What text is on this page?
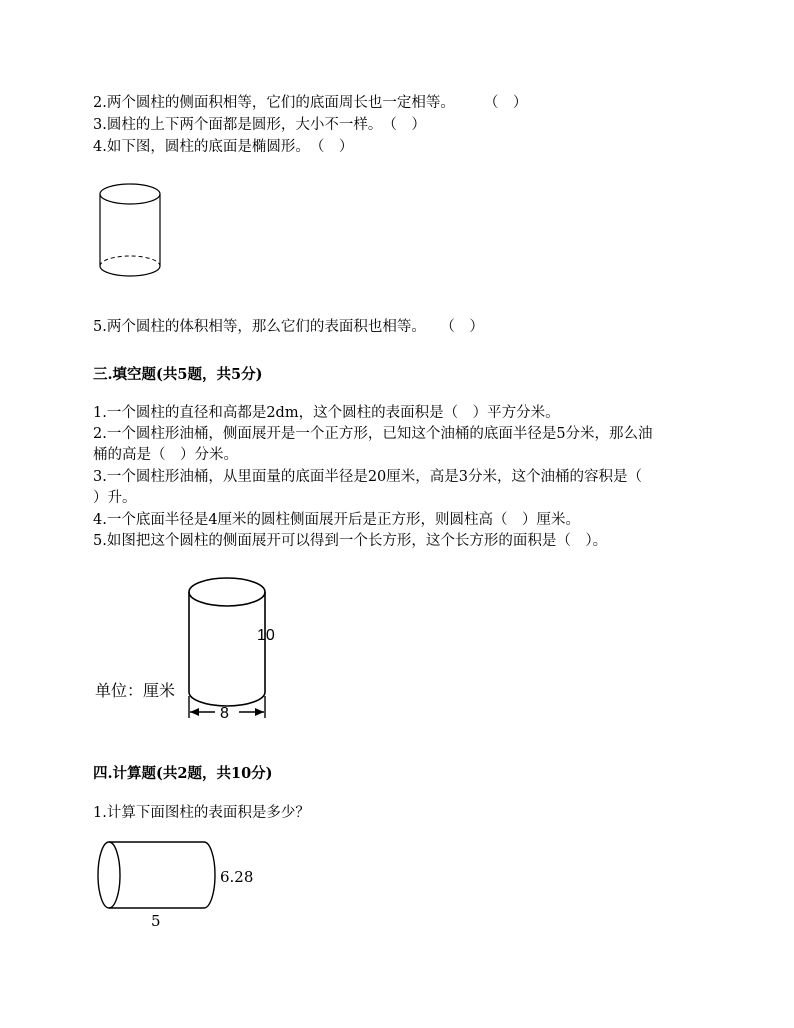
2.两个圆柱的侧面积相等，它们的底面周长也一定相等。　　　（　）
3.圆柱的上下两个面都是圆形，大小不一样。　（　）
4.如下图，圆柱的底面是椭圆形。　（　）
5.两个圆柱的体积相等，那么它们的表面积也相等。　　（　）
三.填空题(共5题，共5分)
1.一个圆柱的直径和高都是2dm，这个圆柱的表面积是（　）平方分米。
2.一个圆柱形油桶，侧面展开是一个正方形，已知这个油桶的底面半径是5分米，那么油
桶的高是（　）分米。
3.一个圆柱形油桶，从里面量的底面半径是20厘米，高是3分米，这个油桶的容积是（
）升。
4.一个底面半径是4厘米的圆柱侧面展开后是正方形，则圆柱高（　）厘米。
5.如图把这个圆柱的侧面展开可以得到一个长方形，这个长方形的面积是（　）。
10
单位：厘米
8
四.计算题(共2题，共10分)
1.计算下面图柱的表面积是多少？
6.28
5
